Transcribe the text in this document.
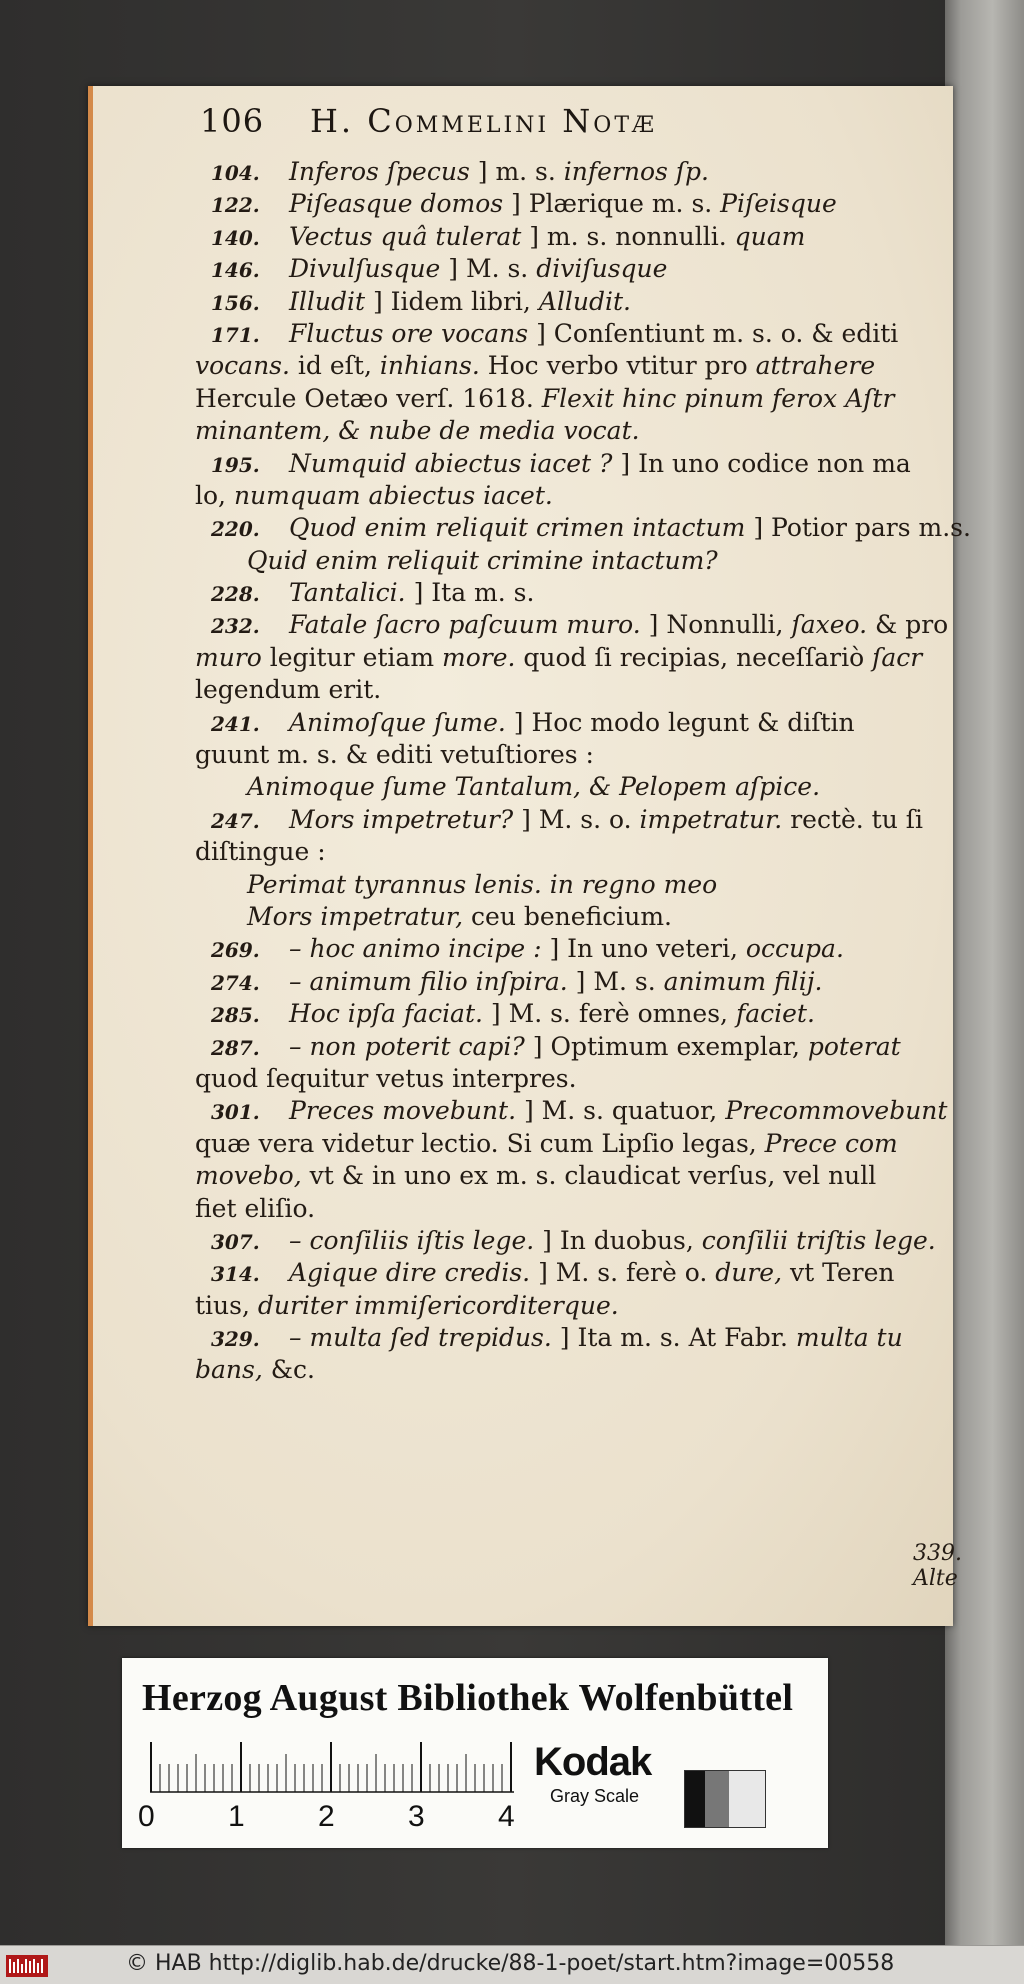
339. Alte
106 H. Commelini Notæ
104. Inferos ſpecus ] m. s. infernos ſp.
122. Piſeasque domos ] Plærique m. s. Piſeisque
140. Vectus quâ tulerat ] m. s. nonnulli. quam
146. Divulſusque ] M. s. diviſusque
156. Illudit ] Iidem libri, Alludit.
171. Fluctus ore vocans ] Conſentiunt m. s. o. & editi
vocans. id eſt, inhians. Hoc verbo vtitur pro attrahere
Hercule Oetæo verſ. 1618. Flexit hinc pinum ferox Aſtr
minantem, & nube de media vocat.
195. Numquid abiectus iacet ? ] In uno codice non ma
lo, numquam abiectus iacet.
220. Quod enim reliquit crimen intactum ] Potior pars m.s.
Quid enim reliquit crimine intactum?
228. Tantalici. ] Ita m. s.
232. Fatale ſacro paſcuum muro. ] Nonnulli, ſaxeo. & pro
muro legitur etiam more. quod ſi recipias, neceſſariò ſacr
legendum erit.
241. Animoſque ſume. ] Hoc modo legunt & diſtin
guunt m. s. & editi vetuſtiores :
Animoque ſume Tantalum, & Pelopem aſpice.
247. Mors impetretur? ] M. s. o. impetratur. rectè. tu ſi
diſtingue :
Perimat tyrannus lenis. in regno meo
Mors impetratur, ceu beneficium.
269. – hoc animo incipe : ] In uno veteri, occupa.
274. – animum filio inſpira. ] M. s. animum filij.
285. Hoc ipſa faciat. ] M. s. ferè omnes, faciet.
287. – non poterit capi? ] Optimum exemplar, poterat
quod ſequitur vetus interpres.
301. Preces movebunt. ] M. s. quatuor, Precommovebunt
quæ vera videtur lectio. Si cum Lipſio legas, Prece com
movebo, vt & in uno ex m. s. claudicat verſus, vel null
fiet eliſio.
307. – conſiliis iſtis lege. ] In duobus, conſilii triſtis lege.
314. Agique dire credis. ] M. s. ferè o. dure, vt Teren
tius, duriter immiſericorditerque.
329. – multa ſed trepidus. ] Ita m. s. At Fabr. multa tu
bans, &c.
Herzog August Bibliothek Wolfenbüttel
0 1 2 3 4
Kodak
Gray Scale
© HAB http://diglib.hab.de/drucke/88-1-poet/start.htm?image=00558
